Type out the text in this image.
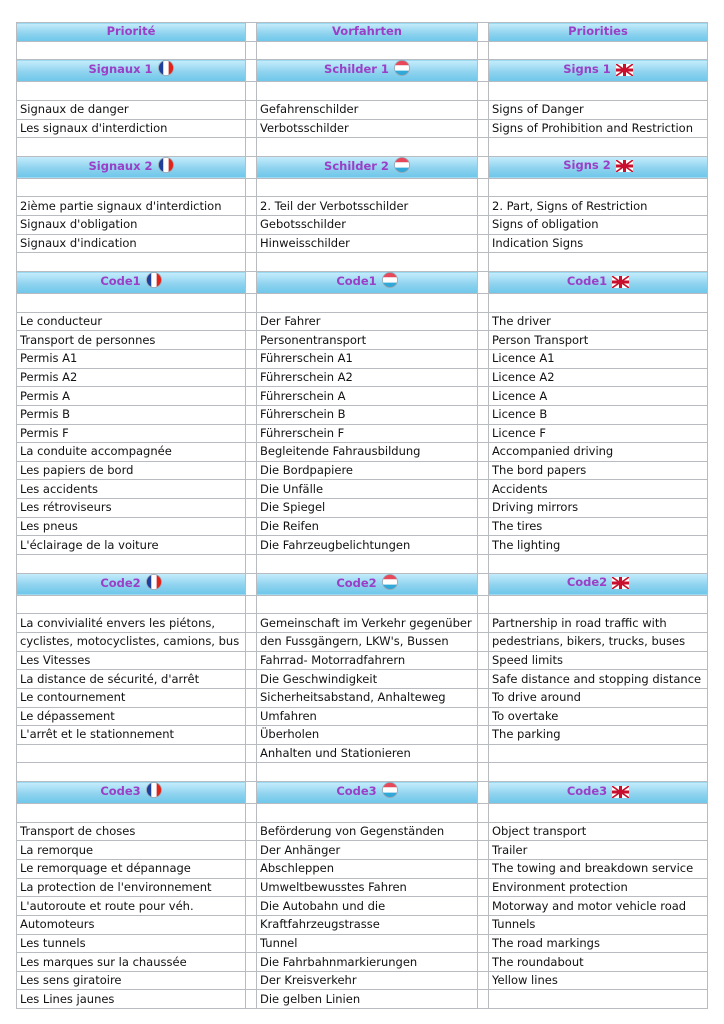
Priorité		Vorfahrten		Priorities

Signaux 1		Schilder 1		Signs 1

Signaux de danger		Gefahrenschilder		Signs of Danger
Les signaux d'interdiction		Verbotsschilder		Signs of Prohibition and Restriction

Signaux 2		Schilder 2		Signs 2

2ième partie signaux d'interdiction		2. Teil der Verbotsschilder		2. Part, Signs of Restriction
Signaux d'obligation		Gebotsschilder		Signs of obligation
Signaux d'indication		Hinweisschilder		Indication Signs

Code1		Code1		Code1

Le conducteur		Der Fahrer		The driver
Transport de personnes		Personentransport		Person Transport
Permis A1		Führerschein A1		Licence A1
Permis A2		Führerschein A2		Licence A2
Permis A		Führerschein A		Licence A
Permis B		Führerschein B		Licence B
Permis F		Führerschein F		Licence F
La conduite accompagnée		Begleitende Fahrausbildung		Accompanied driving
Les papiers de bord		Die Bordpapiere		The bord papers
Les accidents		Die Unfälle		Accidents
Les rétroviseurs		Die Spiegel		Driving mirrors
Les pneus		Die Reifen		The tires
L'éclairage de la voiture		Die Fahrzeugbelichtungen		The lighting

Code2		Code2		Code2

La convivialité envers les piétons,		Gemeinschaft im Verkehr gegenüber		Partnership in road traffic with
cyclistes, motocyclistes, camions, bus		den Fussgängern, LKW's, Bussen		pedestrians, bikers, trucks, buses
Les Vitesses		Fahrrad- Motorradfahrern		Speed limits
La distance de sécurité, d'arrêt		Die Geschwindigkeit		Safe distance and stopping distance
Le contournement		Sicherheitsabstand, Anhalteweg		To drive around
Le dépassement		Umfahren		To overtake
L'arrêt et le stationnement		Überholen		The parking
		Anhalten und Stationieren		

Code3		Code3		Code3

Transport de choses		Beförderung von Gegenständen		Object transport
La remorque		Der Anhänger		Trailer
Le remorquage et dépannage		Abschleppen		The towing and breakdown service
La protection de l'environnement		Umweltbewusstes Fahren		Environment protection
L'autoroute et route pour véh.		Die Autobahn und die		Motorway and motor vehicle road
Automoteurs		Kraftfahrzeugstrasse		Tunnels
Les tunnels		Tunnel		The road markings
Les marques sur la chaussée		Die Fahrbahnmarkierungen		The roundabout
Les sens giratoire		Der Kreisverkehr		Yellow lines
Les Lines jaunes		Die gelben Linien		
